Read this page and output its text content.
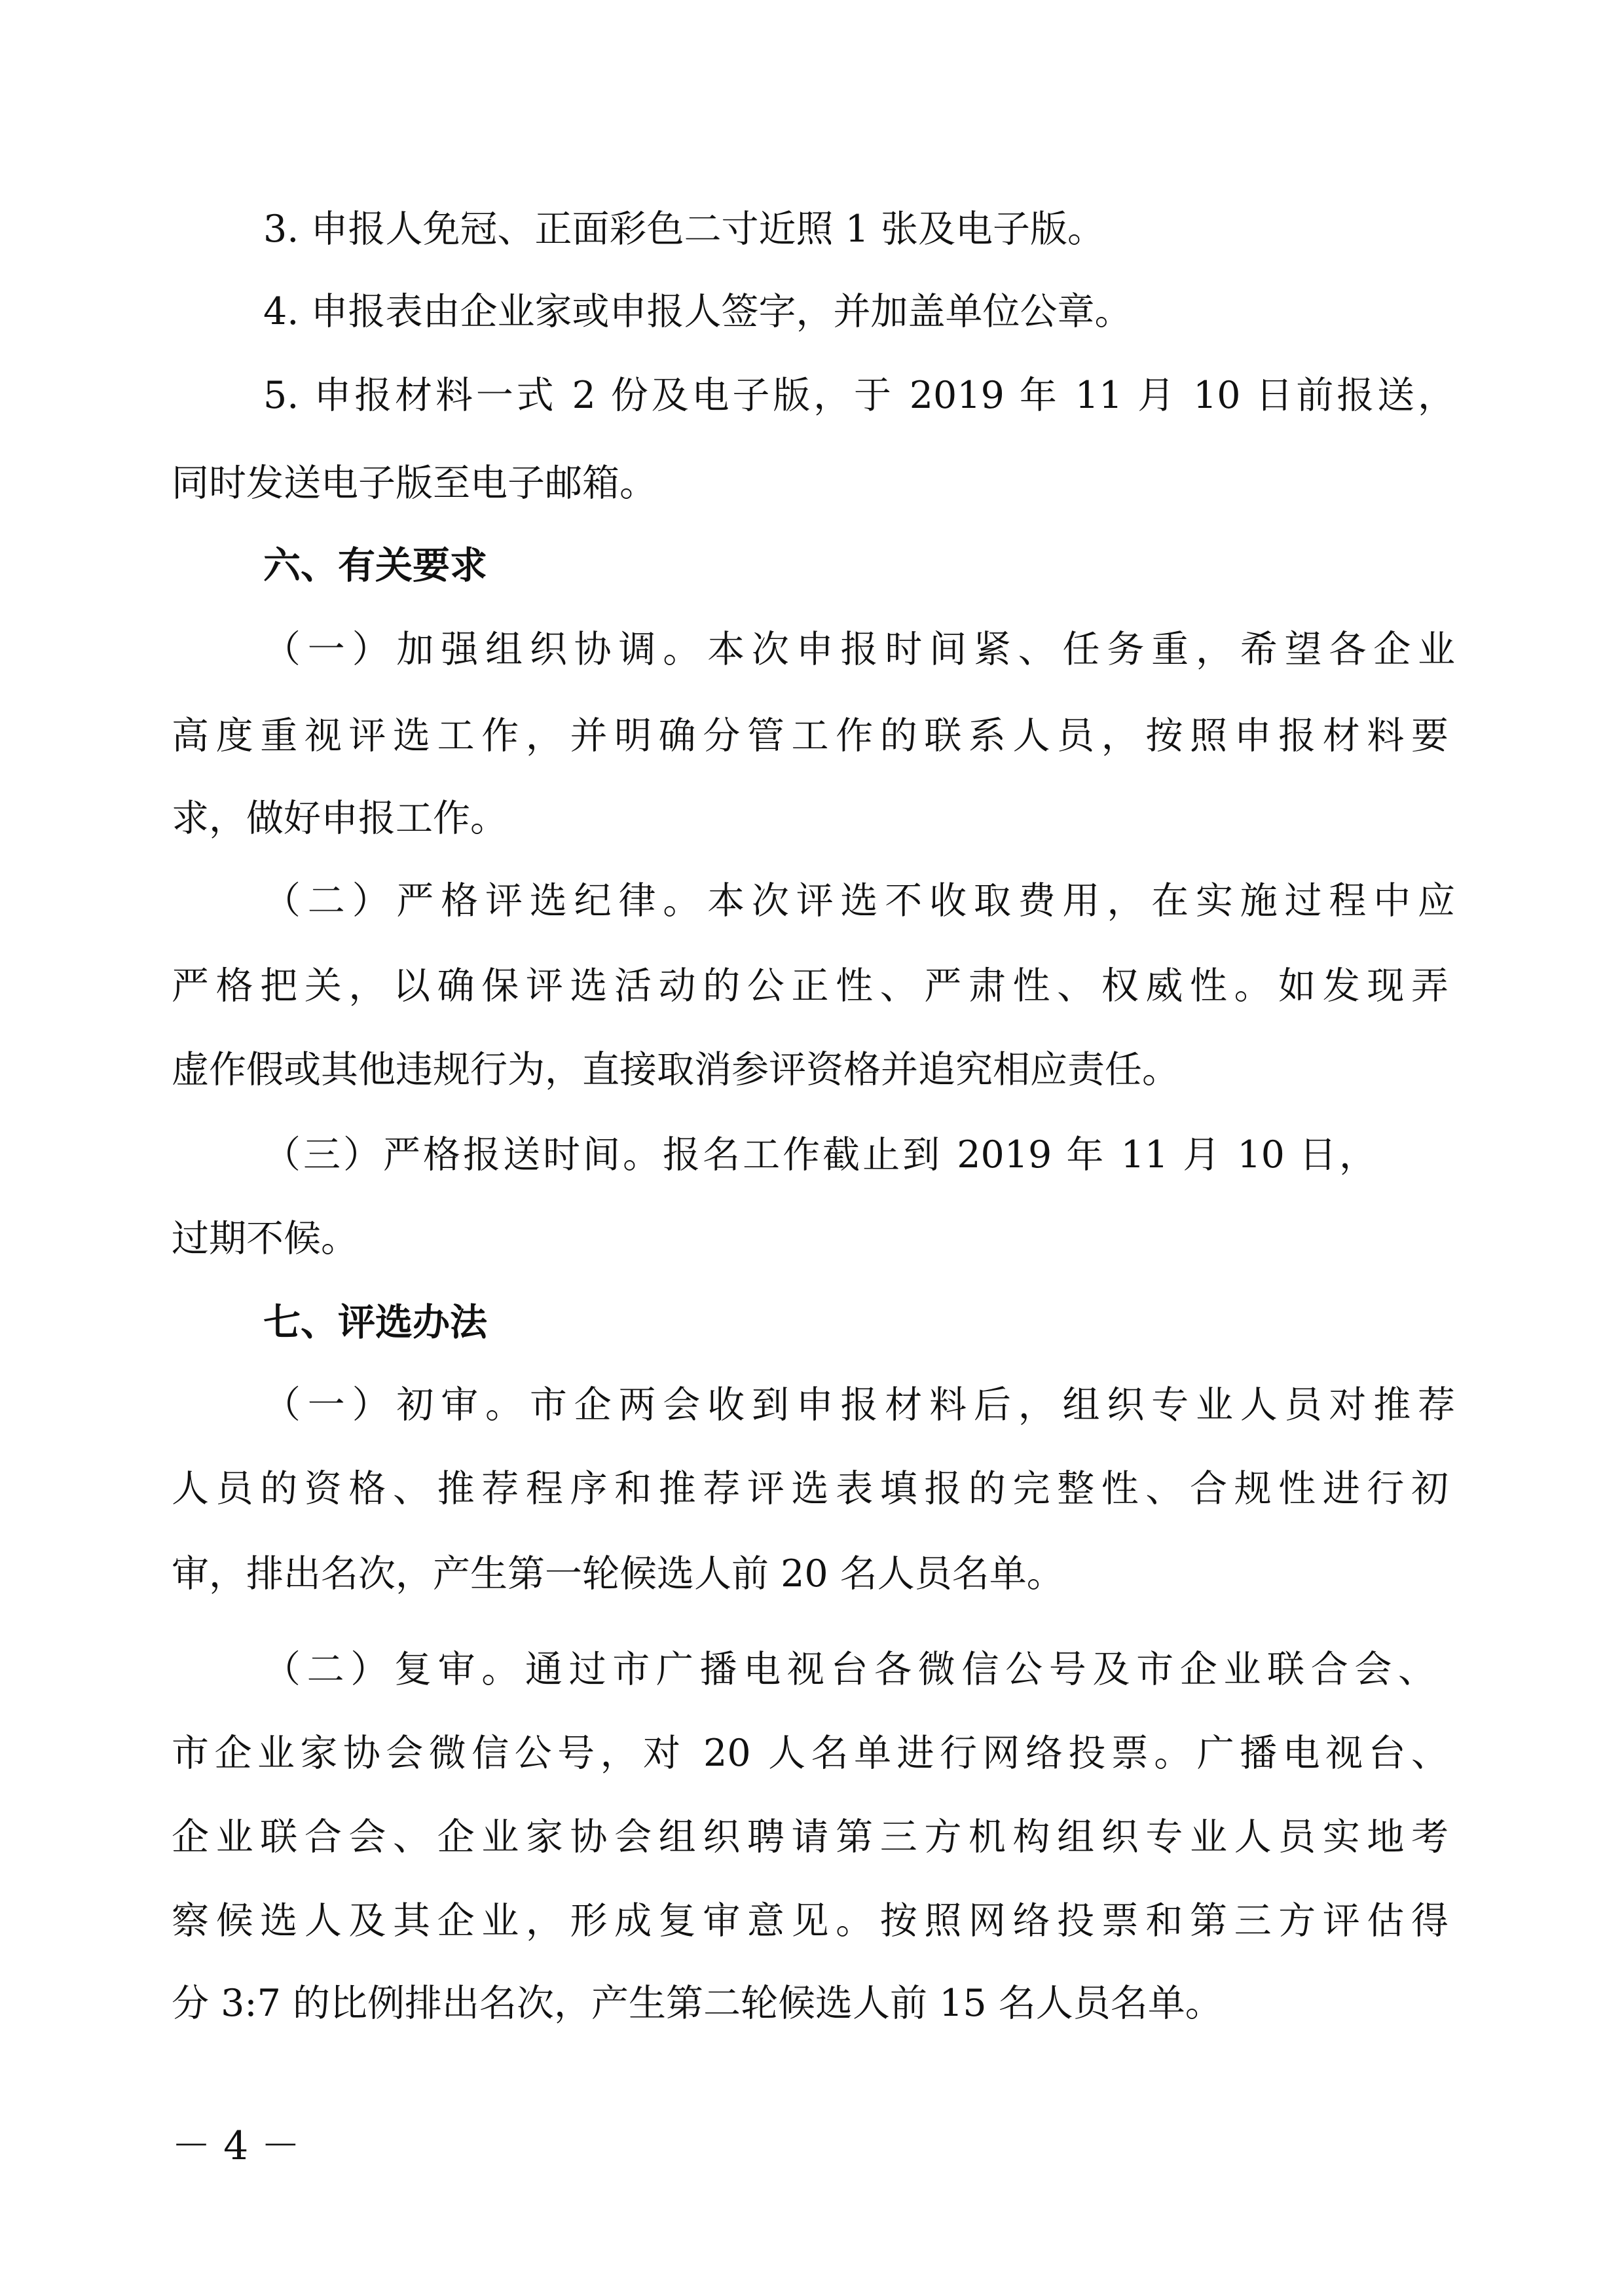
3. 申报人免冠、正面彩色二寸近照 1 张及电子版。
4. 申报表由企业家或申报人签字，并加盖单位公章。
5. 申报材料一式 2 份及电子版，于 2019 年 11 月 10 日前报送，
同时发送电子版至电子邮箱。
六、有关要求
（一）加强组织协调。本次申报时间紧、任务重，希望各企业
高度重视评选工作，并明确分管工作的联系人员，按照申报材料要
求，做好申报工作。
（二）严格评选纪律。本次评选不收取费用，在实施过程中应
严格把关，以确保评选活动的公正性、严肃性、权威性。如发现弄
虚作假或其他违规行为，直接取消参评资格并追究相应责任。
（三）严格报送时间。报名工作截止到 2019 年 11 月 10 日，
过期不候。
七、评选办法
（一）初审。市企两会收到申报材料后，组织专业人员对推荐
人员的资格、推荐程序和推荐评选表填报的完整性、合规性进行初
审，排出名次，产生第一轮候选人前 20 名人员名单。
（二）复审。通过市广播电视台各微信公号及市企业联合会、
市企业家协会微信公号，对 20 人名单进行网络投票。广播电视台、
企业联合会、企业家协会组织聘请第三方机构组织专业人员实地考
察候选人及其企业，形成复审意见。按照网络投票和第三方评估得
分 3:7 的比例排出名次，产生第二轮候选人前 15 名人员名单。
－ 4 －
